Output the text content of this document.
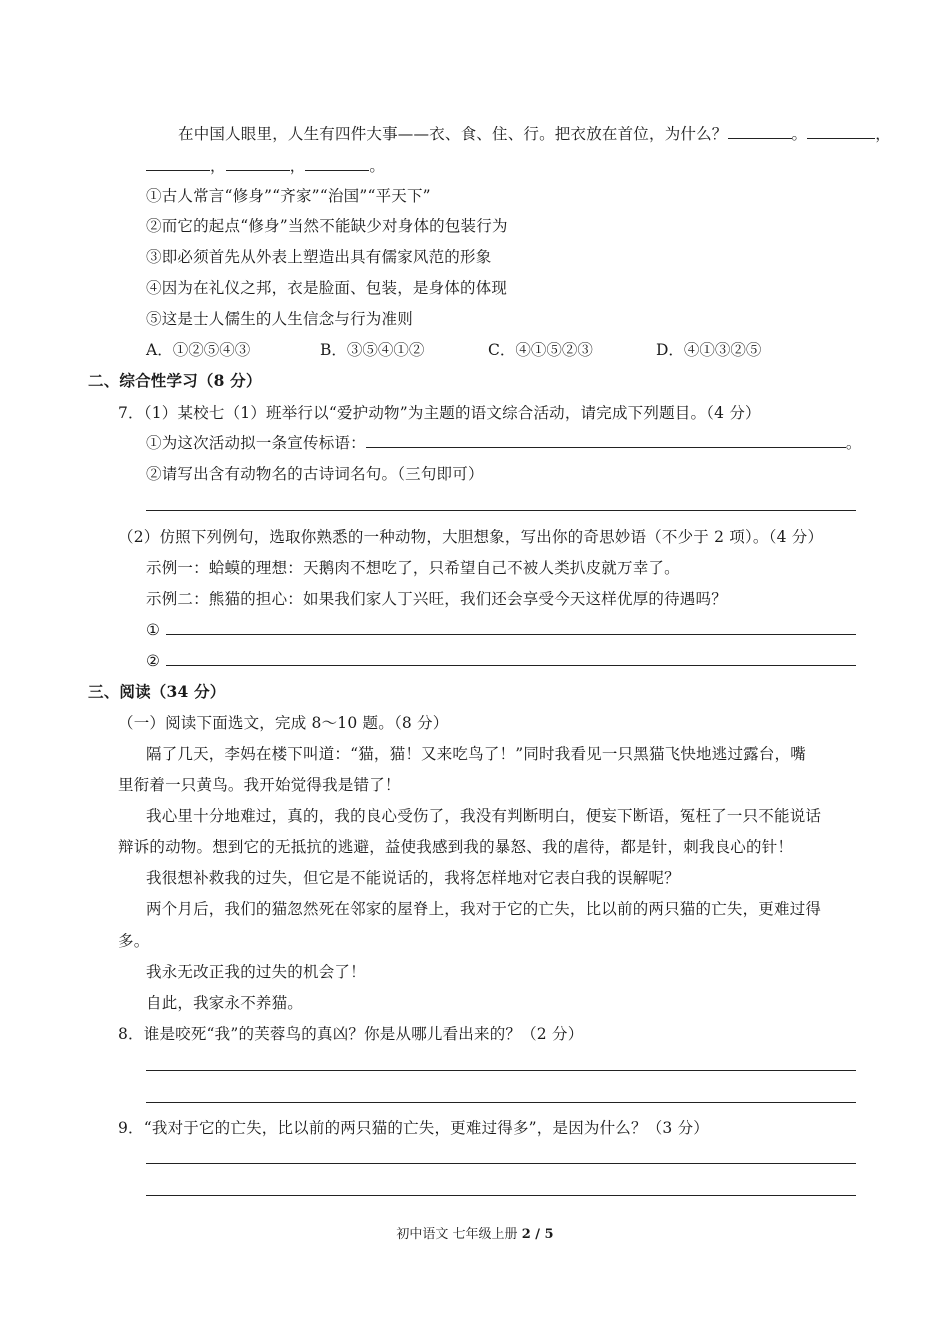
在中国人眼里，人生有四件大事——衣、食、住、行。把衣放在首位，为什么？	。	，
，	，	。
①古人常言“修身”“齐家”“治国”“平天下”
②而它的起点“修身”当然不能缺少对身体的包装行为
③即必须首先从外表上塑造出具有儒家风范的形象
④因为在礼仪之邦，衣是脸面、包装，是身体的体现
⑤这是士人儒生的人生信念与行为准则
A．①②⑤④③	B．③⑤④①②	C．④①⑤②③	D．④①③②⑤
二、综合性学习（8 分）
7．（1）某校七（1）班举行以“爱护动物”为主题的语文综合活动，请完成下列题目。（4 分）
①为这次活动拟一条宣传标语：	。
②请写出含有动物名的古诗词名句。（三句即可）
（2）仿照下列例句，选取你熟悉的一种动物，大胆想象，写出你的奇思妙语（不少于 2 项）。（4 分）
示例一：蛤蟆的理想：天鹅肉不想吃了，只希望自己不被人类扒皮就万幸了。
示例二：熊猫的担心：如果我们家人丁兴旺，我们还会享受今天这样优厚的待遇吗？
①
②
三、阅读（34 分）
（一）阅读下面选文，完成 8～10 题。（8 分）
隔了几天，李妈在楼下叫道：“猫，猫！又来吃鸟了！”同时我看见一只黑猫飞快地逃过露台，嘴
里衔着一只黄鸟。我开始觉得我是错了！
我心里十分地难过，真的，我的良心受伤了，我没有判断明白，便妄下断语，冤枉了一只不能说话
辩诉的动物。想到它的无抵抗的逃避，益使我感到我的暴怒、我的虐待，都是针，刺我良心的针！
我很想补救我的过失，但它是不能说话的，我将怎样地对它表白我的误解呢？
两个月后，我们的猫忽然死在邻家的屋脊上，我对于它的亡失，比以前的两只猫的亡失，更难过得
多。
我永无改正我的过失的机会了！
自此，我家永不养猫。
8．谁是咬死“我”的芙蓉鸟的真凶？你是从哪儿看出来的？（2 分）
9．“我对于它的亡失，比以前的两只猫的亡失，更难过得多”，是因为什么？（3 分）
初中语文 七年级上册 2 / 5
